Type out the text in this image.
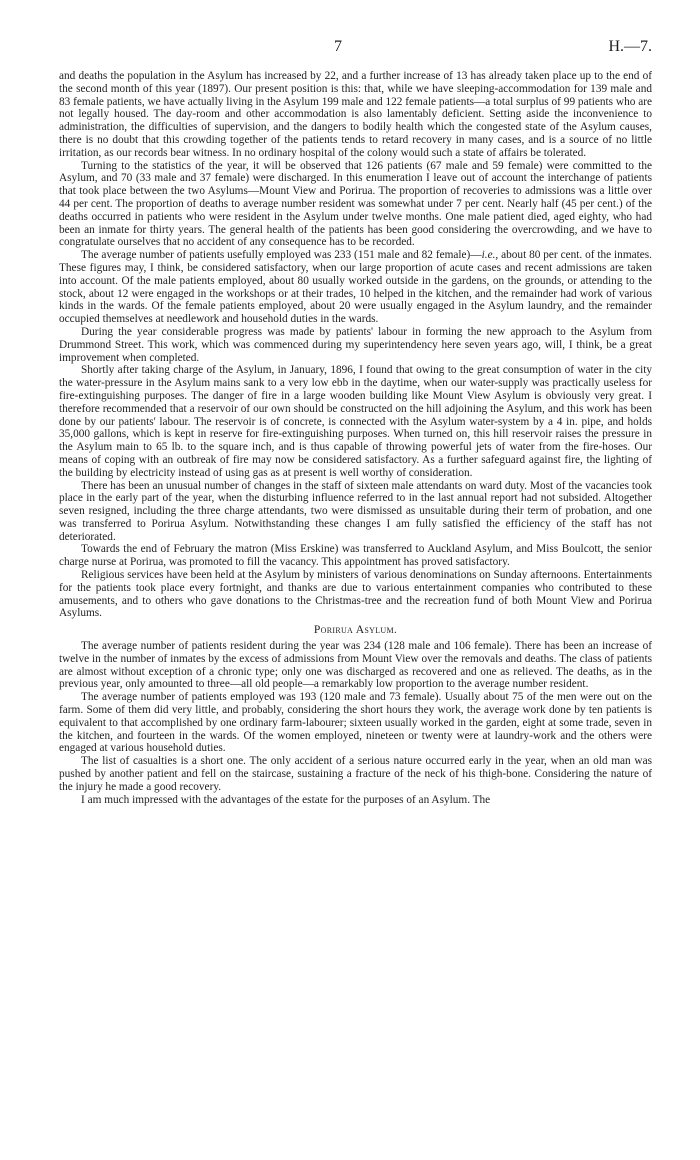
7	H.—7.

and deaths the population in the Asylum has increased by 22, and a further increase of 13 has already taken place up to the end of the second month of this year (1897). Our present position is this: that, while we have sleeping-accommodation for 139 male and 83 female patients, we have actually living in the Asylum 199 male and 122 female patients—a total surplus of 99 patients who are not legally housed. The day-room and other accommodation is also lamentably deficient. Setting aside the inconvenience to administration, the difficulties of supervision, and the dangers to bodily health which the congested state of the Asylum causes, there is no doubt that this crowding together of the patients tends to retard recovery in many cases, and is a source of no little irritation, as our records bear witness. In no ordinary hospital of the colony would such a state of affairs be tolerated.

Turning to the statistics of the year, it will be observed that 126 patients (67 male and 59 female) were committed to the Asylum, and 70 (33 male and 37 female) were discharged. In this enumeration I leave out of account the interchange of patients that took place between the two Asylums—Mount View and Porirua. The proportion of recoveries to admissions was a little over 44 per cent. The proportion of deaths to average number resident was somewhat under 7 per cent. Nearly half (45 per cent.) of the deaths occurred in patients who were resident in the Asylum under twelve months. One male patient died, aged eighty, who had been an inmate for thirty years. The general health of the patients has been good considering the overcrowding, and we have to congratulate ourselves that no accident of any consequence has to be recorded.

The average number of patients usefully employed was 233 (151 male and 82 female)—i.e., about 80 per cent. of the inmates. These figures may, I think, be considered satisfactory, when our large proportion of acute cases and recent admissions are taken into account. Of the male patients employed, about 80 usually worked outside in the gardens, on the grounds, or attending to the stock, about 12 were engaged in the workshops or at their trades, 10 helped in the kitchen, and the remainder had work of various kinds in the wards. Of the female patients employed, about 20 were usually engaged in the Asylum laundry, and the remainder occupied themselves at needlework and household duties in the wards.

During the year considerable progress was made by patients' labour in forming the new approach to the Asylum from Drummond Street. This work, which was commenced during my superintendency here seven years ago, will, I think, be a great improvement when completed.

Shortly after taking charge of the Asylum, in January, 1896, I found that owing to the great consumption of water in the city the water-pressure in the Asylum mains sank to a very low ebb in the daytime, when our water-supply was practically useless for fire-extinguishing purposes. The danger of fire in a large wooden building like Mount View Asylum is obviously very great. I therefore recommended that a reservoir of our own should be constructed on the hill adjoining the Asylum, and this work has been done by our patients' labour. The reservoir is of concrete, is connected with the Asylum water-system by a 4 in. pipe, and holds 35,000 gallons, which is kept in reserve for fire-extinguishing purposes. When turned on, this hill reservoir raises the pressure in the Asylum main to 65 lb. to the square inch, and is thus capable of throwing powerful jets of water from the fire-hoses. Our means of coping with an outbreak of fire may now be considered satisfactory. As a further safeguard against fire, the lighting of the building by electricity instead of using gas as at present is well worthy of consideration.

There has been an unusual number of changes in the staff of sixteen male attendants on ward duty. Most of the vacancies took place in the early part of the year, when the disturbing influence referred to in the last annual report had not subsided. Altogether seven resigned, including the three charge attendants, two were dismissed as unsuitable during their term of probation, and one was transferred to Porirua Asylum. Notwithstanding these changes I am fully satisfied the efficiency of the staff has not deteriorated.

Towards the end of February the matron (Miss Erskine) was transferred to Auckland Asylum, and Miss Boulcott, the senior charge nurse at Porirua, was promoted to fill the vacancy. This appointment has proved satisfactory.

Religious services have been held at the Asylum by ministers of various denominations on Sunday afternoons. Entertainments for the patients took place every fortnight, and thanks are due to various entertainment companies who contributed to these amusements, and to others who gave donations to the Christmas-tree and the recreation fund of both Mount View and Porirua Asylums.

Porirua Asylum.

The average number of patients resident during the year was 234 (128 male and 106 female). There has been an increase of twelve in the number of inmates by the excess of admissions from Mount View over the removals and deaths. The class of patients are almost without exception of a chronic type; only one was discharged as recovered and one as relieved. The deaths, as in the previous year, only amounted to three—all old people—a remarkably low proportion to the average number resident.

The average number of patients employed was 193 (120 male and 73 female). Usually about 75 of the men were out on the farm. Some of them did very little, and probably, considering the short hours they work, the average work done by ten patients is equivalent to that accomplished by one ordinary farm-labourer; sixteen usually worked in the garden, eight at some trade, seven in the kitchen, and fourteen in the wards. Of the women employed, nineteen or twenty were at laundry-work and the others were engaged at various household duties.

The list of casualties is a short one. The only accident of a serious nature occurred early in the year, when an old man was pushed by another patient and fell on the staircase, sustaining a fracture of the neck of his thigh-bone. Considering the nature of the injury he made a good recovery.

I am much impressed with the advantages of the estate for the purposes of an Asylum. The
